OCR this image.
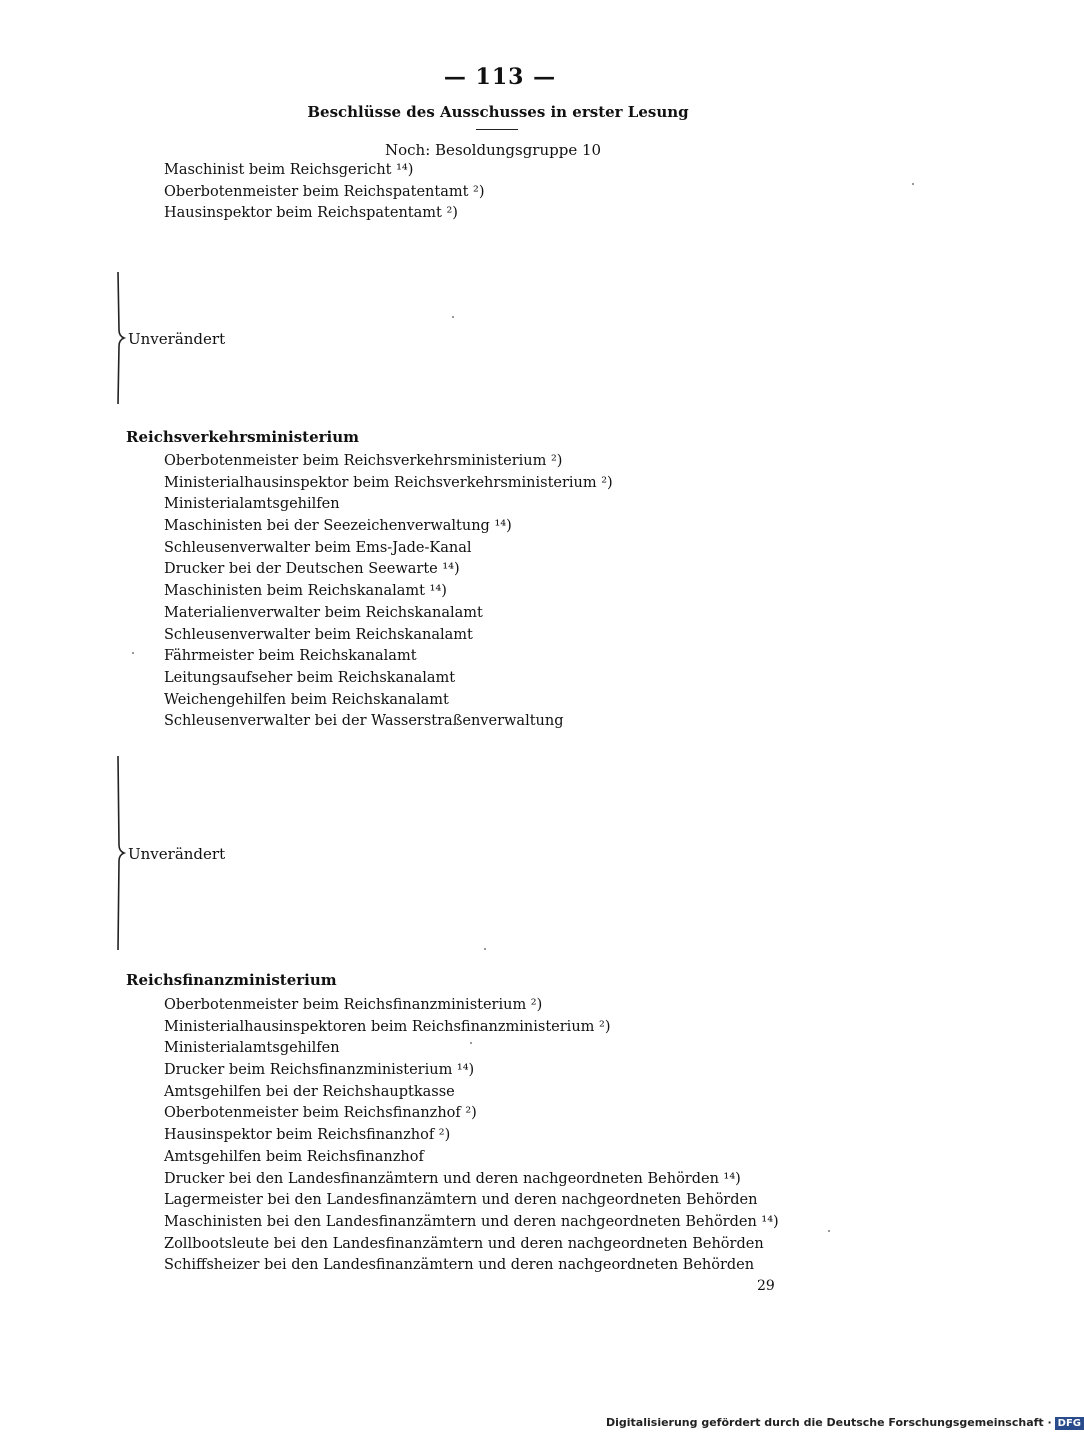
— 113 —
Beschlüsse des Ausschusses in erster Lesung
Noch: Besoldungsgruppe 10
Maschinist beim Reichsgericht ¹⁴)
Oberbotenmeister beim Reichspatentamt ²)
Hausinspektor beim Reichspatentamt ²)
Unverändert
Reichsverkehrsministerium
Oberbotenmeister beim Reichsverkehrsministerium ²)
Ministerialhausinspektor beim Reichsverkehrsministerium ²)
Ministerialamtsgehilfen
Maschinisten bei der Seezeichenverwaltung ¹⁴)
Schleusenverwalter beim Ems-Jade-Kanal
Drucker bei der Deutschen Seewarte ¹⁴)
Maschinisten beim Reichskanalamt ¹⁴)
Materialienverwalter beim Reichskanalamt
Schleusenverwalter beim Reichskanalamt
Fährmeister beim Reichskanalamt
Leitungsaufseher beim Reichskanalamt
Weichengehilfen beim Reichskanalamt
Schleusenverwalter bei der Wasserstraßenverwaltung
Unverändert
Reichsfinanzministerium
Oberbotenmeister beim Reichsfinanzministerium ²)
Ministerialhausinspektoren beim Reichsfinanzministerium ²)
Ministerialamtsgehilfen
Drucker beim Reichsfinanzministerium ¹⁴)
Amtsgehilfen bei der Reichshauptkasse
Oberbotenmeister beim Reichsfinanzhof ²)
Hausinspektor beim Reichsfinanzhof ²)
Amtsgehilfen beim Reichsfinanzhof
Drucker bei den Landesfinanzämtern und deren nachgeordneten Behörden ¹⁴)
Lagermeister bei den Landesfinanzämtern und deren nachgeordneten Behörden
Maschinisten bei den Landesfinanzämtern und deren nachgeordneten Behörden ¹⁴)
Zollbootsleute bei den Landesfinanzämtern und deren nachgeordneten Behörden
Schiffsheizer bei den Landesfinanzämtern und deren nachgeordneten Behörden
29
Digitalisierung gefördert durch die Deutsche Forschungsgemeinschaft · DFG
